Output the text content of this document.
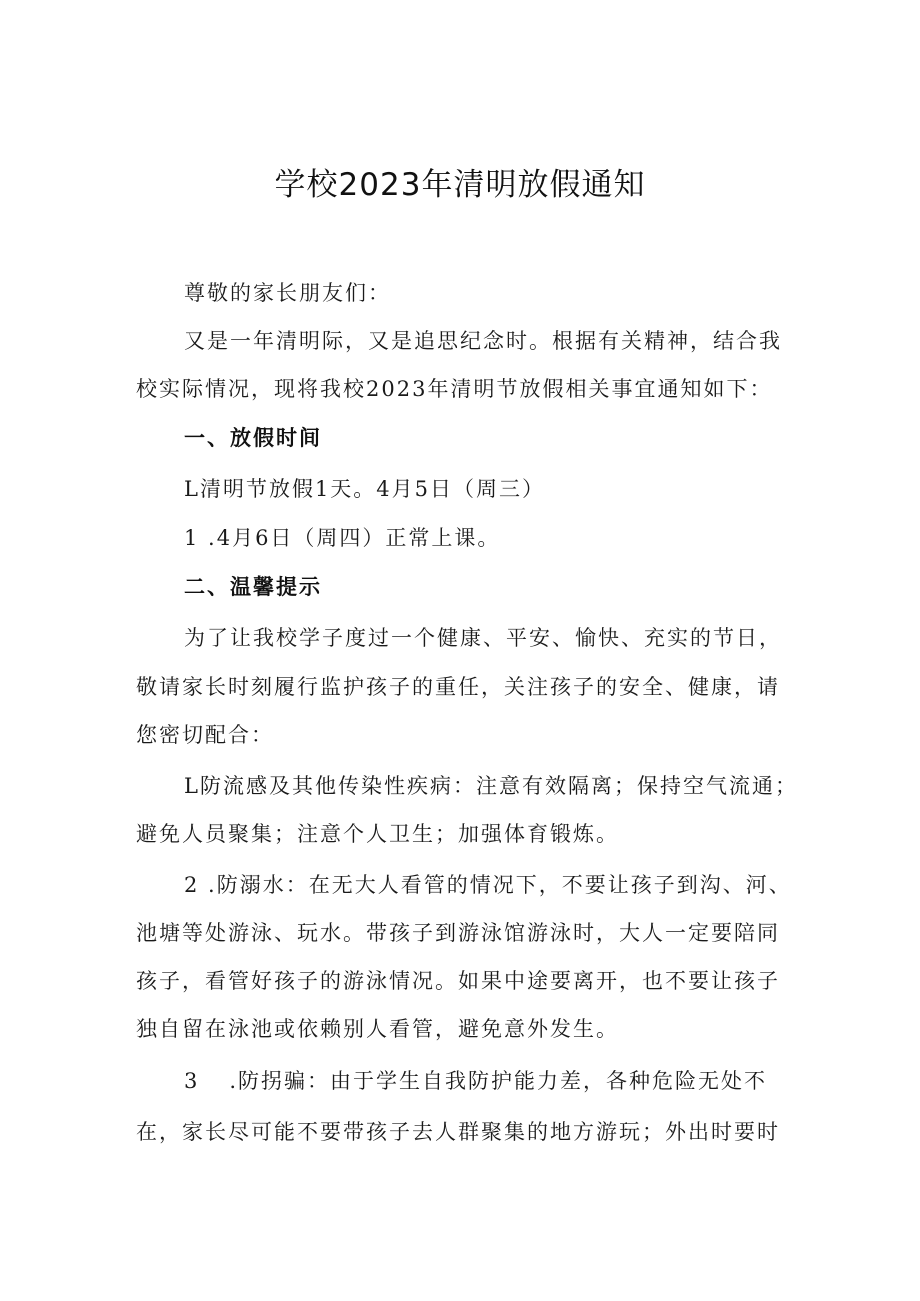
学校2023年清明放假通知
尊敬的家长朋友们：
又是一年清明际，又是追思纪念时。根据有关精神，结合我
校实际情况，现将我校2023年清明节放假相关事宜通知如下：
一、放假时间
L清明节放假1天。4月5日（周三）
1 .4月6日（周四）正常上课。
二、温馨提示
为了让我校学子度过一个健康、平安、愉快、充实的节日，
敬请家长时刻履行监护孩子的重任，关注孩子的安全、健康，请
您密切配合：
L防流感及其他传染性疾病：注意有效隔离；保持空气流通；
避免人员聚集；注意个人卫生；加强体育锻炼。
2 .防溺水：在无大人看管的情况下，不要让孩子到沟、河、
池塘等处游泳、玩水。带孩子到游泳馆游泳时，大人一定要陪同
孩子，看管好孩子的游泳情况。如果中途要离开，也不要让孩子
独自留在泳池或依赖别人看管，避免意外发生。
3 .防拐骗：由于学生自我防护能力差，各种危险无处不
在，家长尽可能不要带孩子去人群聚集的地方游玩；外出时要时
